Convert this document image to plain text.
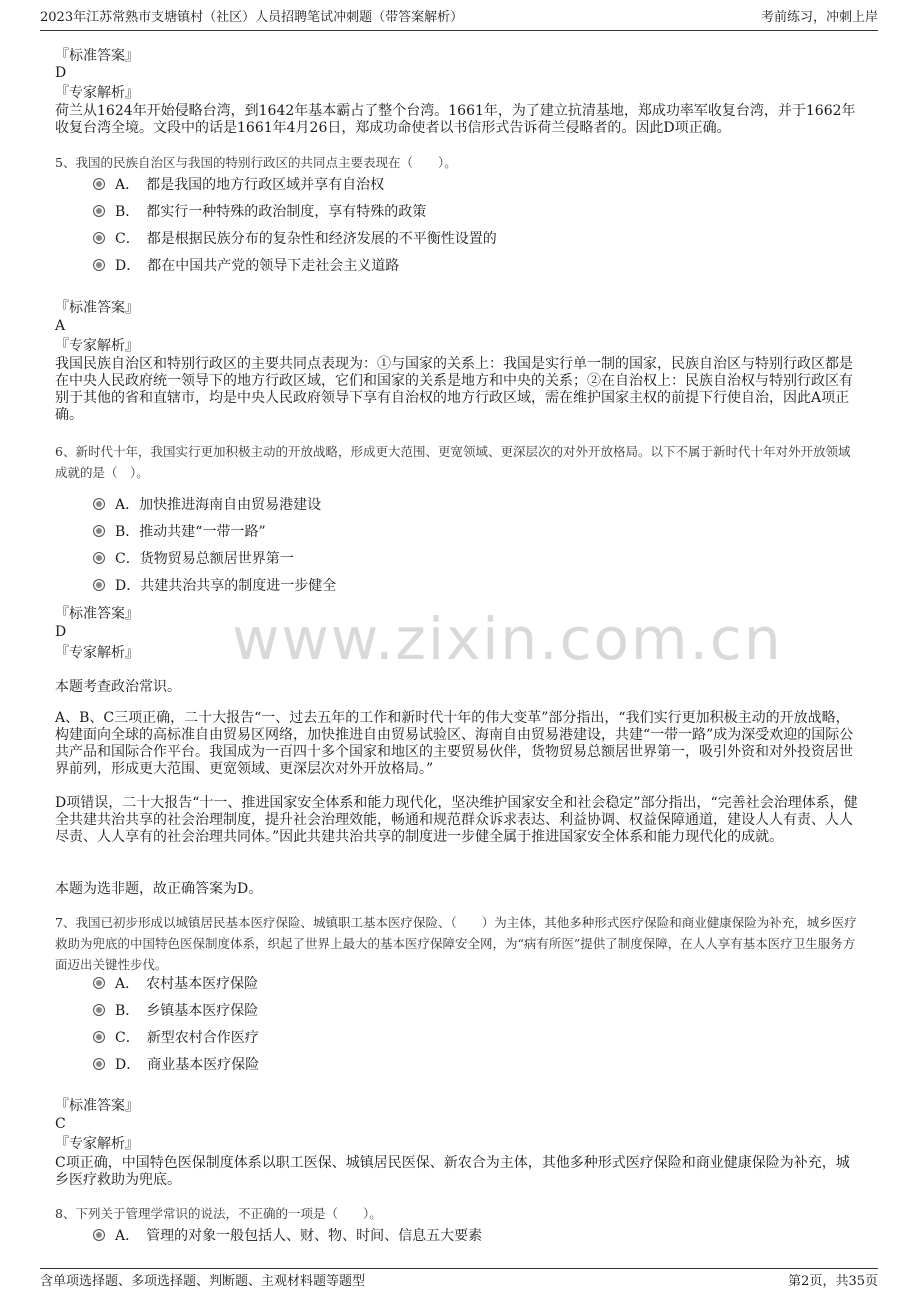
2023年江苏常熟市支塘镇村（社区）人员招聘笔试冲刺题（带答案解析）	考前练习，冲刺上岸
www.zixin.com.cn

『标准答案』

D

『专家解析』

荷兰从1624年开始侵略台湾，到1642年基本霸占了整个台湾。1661年，为了建立抗清基地，郑成功率军收复台湾，并于1662年收复台湾全境。文段中的话是1661年4月26日，郑成功命使者以书信形式告诉荷兰侵略者的。因此D项正确。

5、我国的民族自治区与我国的特别行政区的共同点主要表现在（　　）。

A．　都是我国的地方行政区域并享有自治权
B．　都实行一种特殊的政治制度，享有特殊的政策
C．　都是根据民族分布的复杂性和经济发展的不平衡性设置的
D．　都在中国共产党的领导下走社会主义道路

『标准答案』

A

『专家解析』

我国民族自治区和特别行政区的主要共同点表现为：①与国家的关系上：我国是实行单一制的国家，民族自治区与特别行政区都是在中央人民政府统一领导下的地方行政区域，它们和国家的关系是地方和中央的关系；②在自治权上：民族自治权与特别行政区有别于其他的省和直辖市，均是中央人民政府领导下享有自治权的地方行政区域，需在维护国家主权的前提下行使自治，因此A项正确。

6、新时代十年，我国实行更加积极主动的开放战略，形成更大范围、更宽领域、更深层次的对外开放格局。以下不属于新时代十年对外开放领域成就的是（　）。

A．加快推进海南自由贸易港建设
B．推动共建“一带一路”
C．货物贸易总额居世界第一
D．共建共治共享的制度进一步健全

『标准答案』

D

『专家解析』

本题考查政治常识。

A、B、C三项正确，二十大报告“一、过去五年的工作和新时代十年的伟大变革”部分指出，“我们实行更加积极主动的开放战略，构建面向全球的高标准自由贸易区网络，加快推进自由贸易试验区、海南自由贸易港建设，共建“一带一路”成为深受欢迎的国际公共产品和国际合作平台。我国成为一百四十多个国家和地区的主要贸易伙伴，货物贸易总额居世界第一，吸引外资和对外投资居世界前列，形成更大范围、更宽领域、更深层次对外开放格局。”

D项错误，二十大报告“十一、推进国家安全体系和能力现代化，坚决维护国家安全和社会稳定”部分指出，“完善社会治理体系，健全共建共治共享的社会治理制度，提升社会治理效能，畅通和规范群众诉求表达、利益协调、权益保障通道，建设人人有责、人人尽责、人人享有的社会治理共同体。”因此共建共治共享的制度进一步健全属于推进国家安全体系和能力现代化的成就。

本题为选非题，故正确答案为D。

7、我国已初步形成以城镇居民基本医疗保险、城镇职工基本医疗保险、（　　）为主体，其他多种形式医疗保险和商业健康保险为补充，城乡医疗救助为兜底的中国特色医保制度体系，织起了世界上最大的基本医疗保障安全网，为“病有所医”提供了制度保障，在人人享有基本医疗卫生服务方面迈出关键性步伐。

A．　农村基本医疗保险
B．　乡镇基本医疗保险
C．　新型农村合作医疗
D．　商业基本医疗保险

『标准答案』

C

『专家解析』

C项正确，中国特色医保制度体系以职工医保、城镇居民医保、新农合为主体，其他多种形式医疗保险和商业健康保险为补充，城乡医疗救助为兜底。

8、下列关于管理学常识的说法，不正确的一项是（　　）。

A．　管理的对象一般包括人、财、物、时间、信息五大要素
含单项选择题、多项选择题、判断题、主观材料题等题型	第2页，共35页
